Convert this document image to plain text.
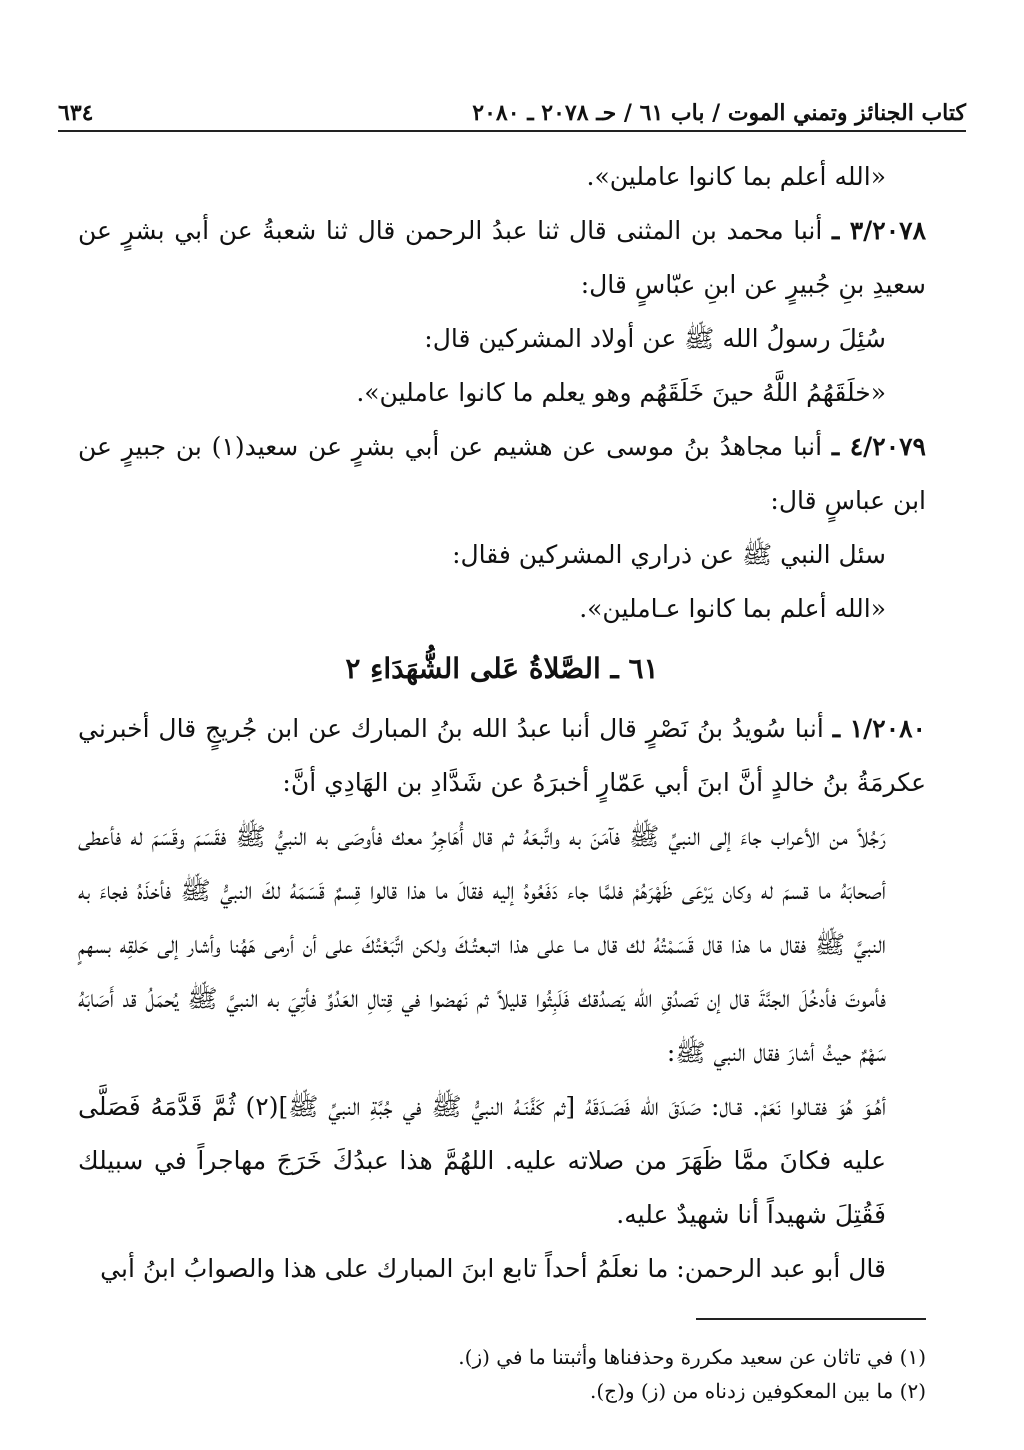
كتاب الجنائز وتمني الموت / باب ٦١ / حـ ٢٠٧٨ ـ ٢٠٨٠
٦٣٤

«الله أعلم بما كانوا عاملين».

٣/٢٠٧٨ ـ أنبا محمد بن المثنى قال ثنا عبدُ الرحمن قال ثنا شعبةُ عن أبي بشرٍ عن سعيدِ بنِ جُبيرٍ عن ابنِ عبّاسٍ قال:

سُئِلَ رسولُ الله ﷺ عن أولاد المشركين قال:

«خلَقَهُمُ اللَّهُ حينَ خَلَقَهُم وهو يعلم ما كانوا عاملين».

٤/٢٠٧٩ ـ أنبا مجاهدُ بنُ موسى عن هشيم عن أبي بشرٍ عن سعيد(١) بن جبيرٍ عن ابن عباسٍ قال:

سئل النبي ﷺ عن ذراري المشركين فقال:

«الله أعلم بما كانوا عـاملين».

٦١ ـ الصَّلاةُ عَلى الشُّهَدَاءِ ٢

١/٢٠٨٠ ـ أنبا سُويدُ بنُ نَصْرٍ قال أنبا عبدُ الله بنُ المبارك عن ابن جُريجٍ قال أخبرني عكرمَةُ بنُ خالدٍ أنَّ ابنَ أبي عَمّارٍ أخبرَهُ عن شَدَّادِ بن الهَادِي أنَّ:

رَجُلاً من الأعراب جاءَ إلى النبيِّ ﷺ فآمَنَ به واتَّبعَهُ ثم قال أُهَاجِرُ معك فأوصَى به النبيُّ ﷺ فقَسَمَ وقَسَمَ له فأعطى أصحابَهُ ما قسمَ له وكان يَرْعَى ظَهْرَهُمْ فلمَّا جاء دَفَعُوهُ إليه فقالَ ما هذا قالوا قِسمٌ قَسَمَهُ لكَ النبيُّ ﷺ فأخذَهُ فجاءَ به النبيَّ ﷺ فقال ما هذا قال قَسَمْتُهُ لك قال مـا على هذا اتبعتُـكَ ولكن اتَّبَعْتُكَ على أن أرمى هَهُنا وأشار إلى حَلقِه بسهمٍ فأموتَ فأدخُلَ الجنَّةَ قال إن تَصدُقِ الله يَصدُقك فَلَبِثُوا قليلاً ثم نَهضوا في قِتالِ العَدُوِّ فأتِيَ به النبيَّ ﷺ يُحمَلُ قد أَصَابَهُ سَهْمٌ حيثُ أشارَ فقال النبي ﷺ:

أهُـوَ هُوَ فقـالوا نَعَمْ. قـال: صَدَقَ الله فَصَـدَقَهُ [ثم كَفَّنَـهُ النبيُّ ﷺ في جُبَّةِ النبيِّ ﷺ](٢) ثُمَّ قَدَّمَهُ فَصَلَّى عليه فكانَ ممَّا ظَهَرَ من صلاته عليه. اللهُمَّ هذا عبدُكَ خَرَجَ مهاجراً في سبيلك فَقُتِلَ شهيداً أنا شهيدٌ عليه.

قال أبو عبد الرحمن: ما نعلَمُ أحداً تابع ابنَ المبارك على هذا والصوابُ ابنُ أبي

(١) في تاثان عن سعيد مكررة وحذفناها وأثبتنا ما في (ز).
(٢) ما بين المعكوفين زدناه من (ز) و(ج).
